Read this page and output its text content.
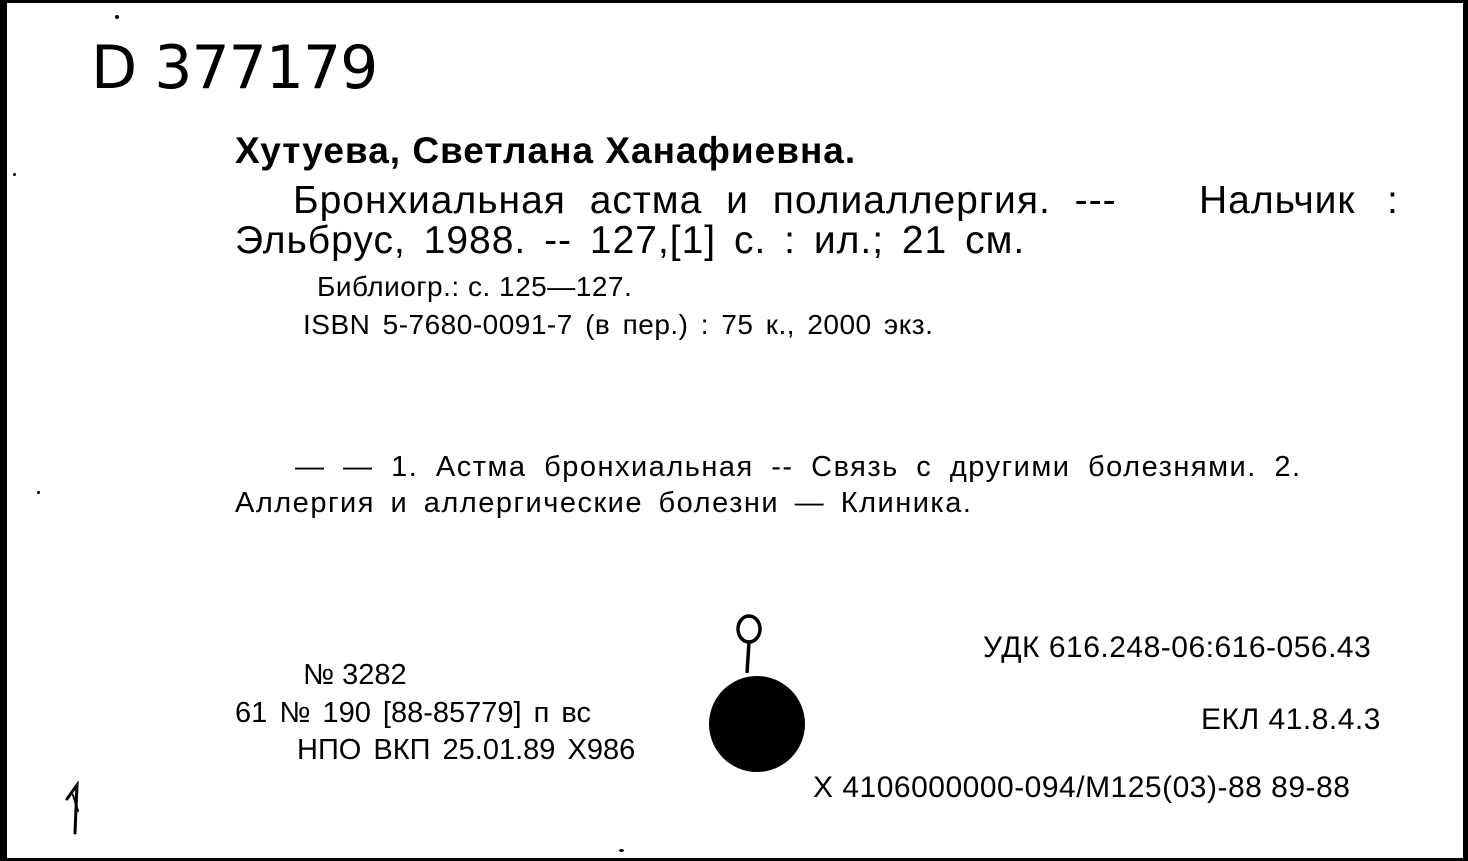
D 377179
Хутуева, Светлана Ханафиевна.
Бронхиальная астма и полиаллергия. --- Нальчик :
Эльбрус, 1988. -- 127,[1] с. : ил.; 21 см.
Библиогр.: с. 125—127.
ISBN 5-7680-0091-7 (в пер.) : 75 к., 2000 экз.
— — 1. Астма бронхиальная -- Связь с другими болезнями. 2.
Аллергия и аллергические болезни — Клиника.
УДК 616.248-06:616-056.43
ЕКЛ 41.8.4.3
Х 4106000000-094/М125(03)-88 89-88
№ 3282
61 № 190 [88-85779] п вс
НПО ВКП 25.01.89 Х986
